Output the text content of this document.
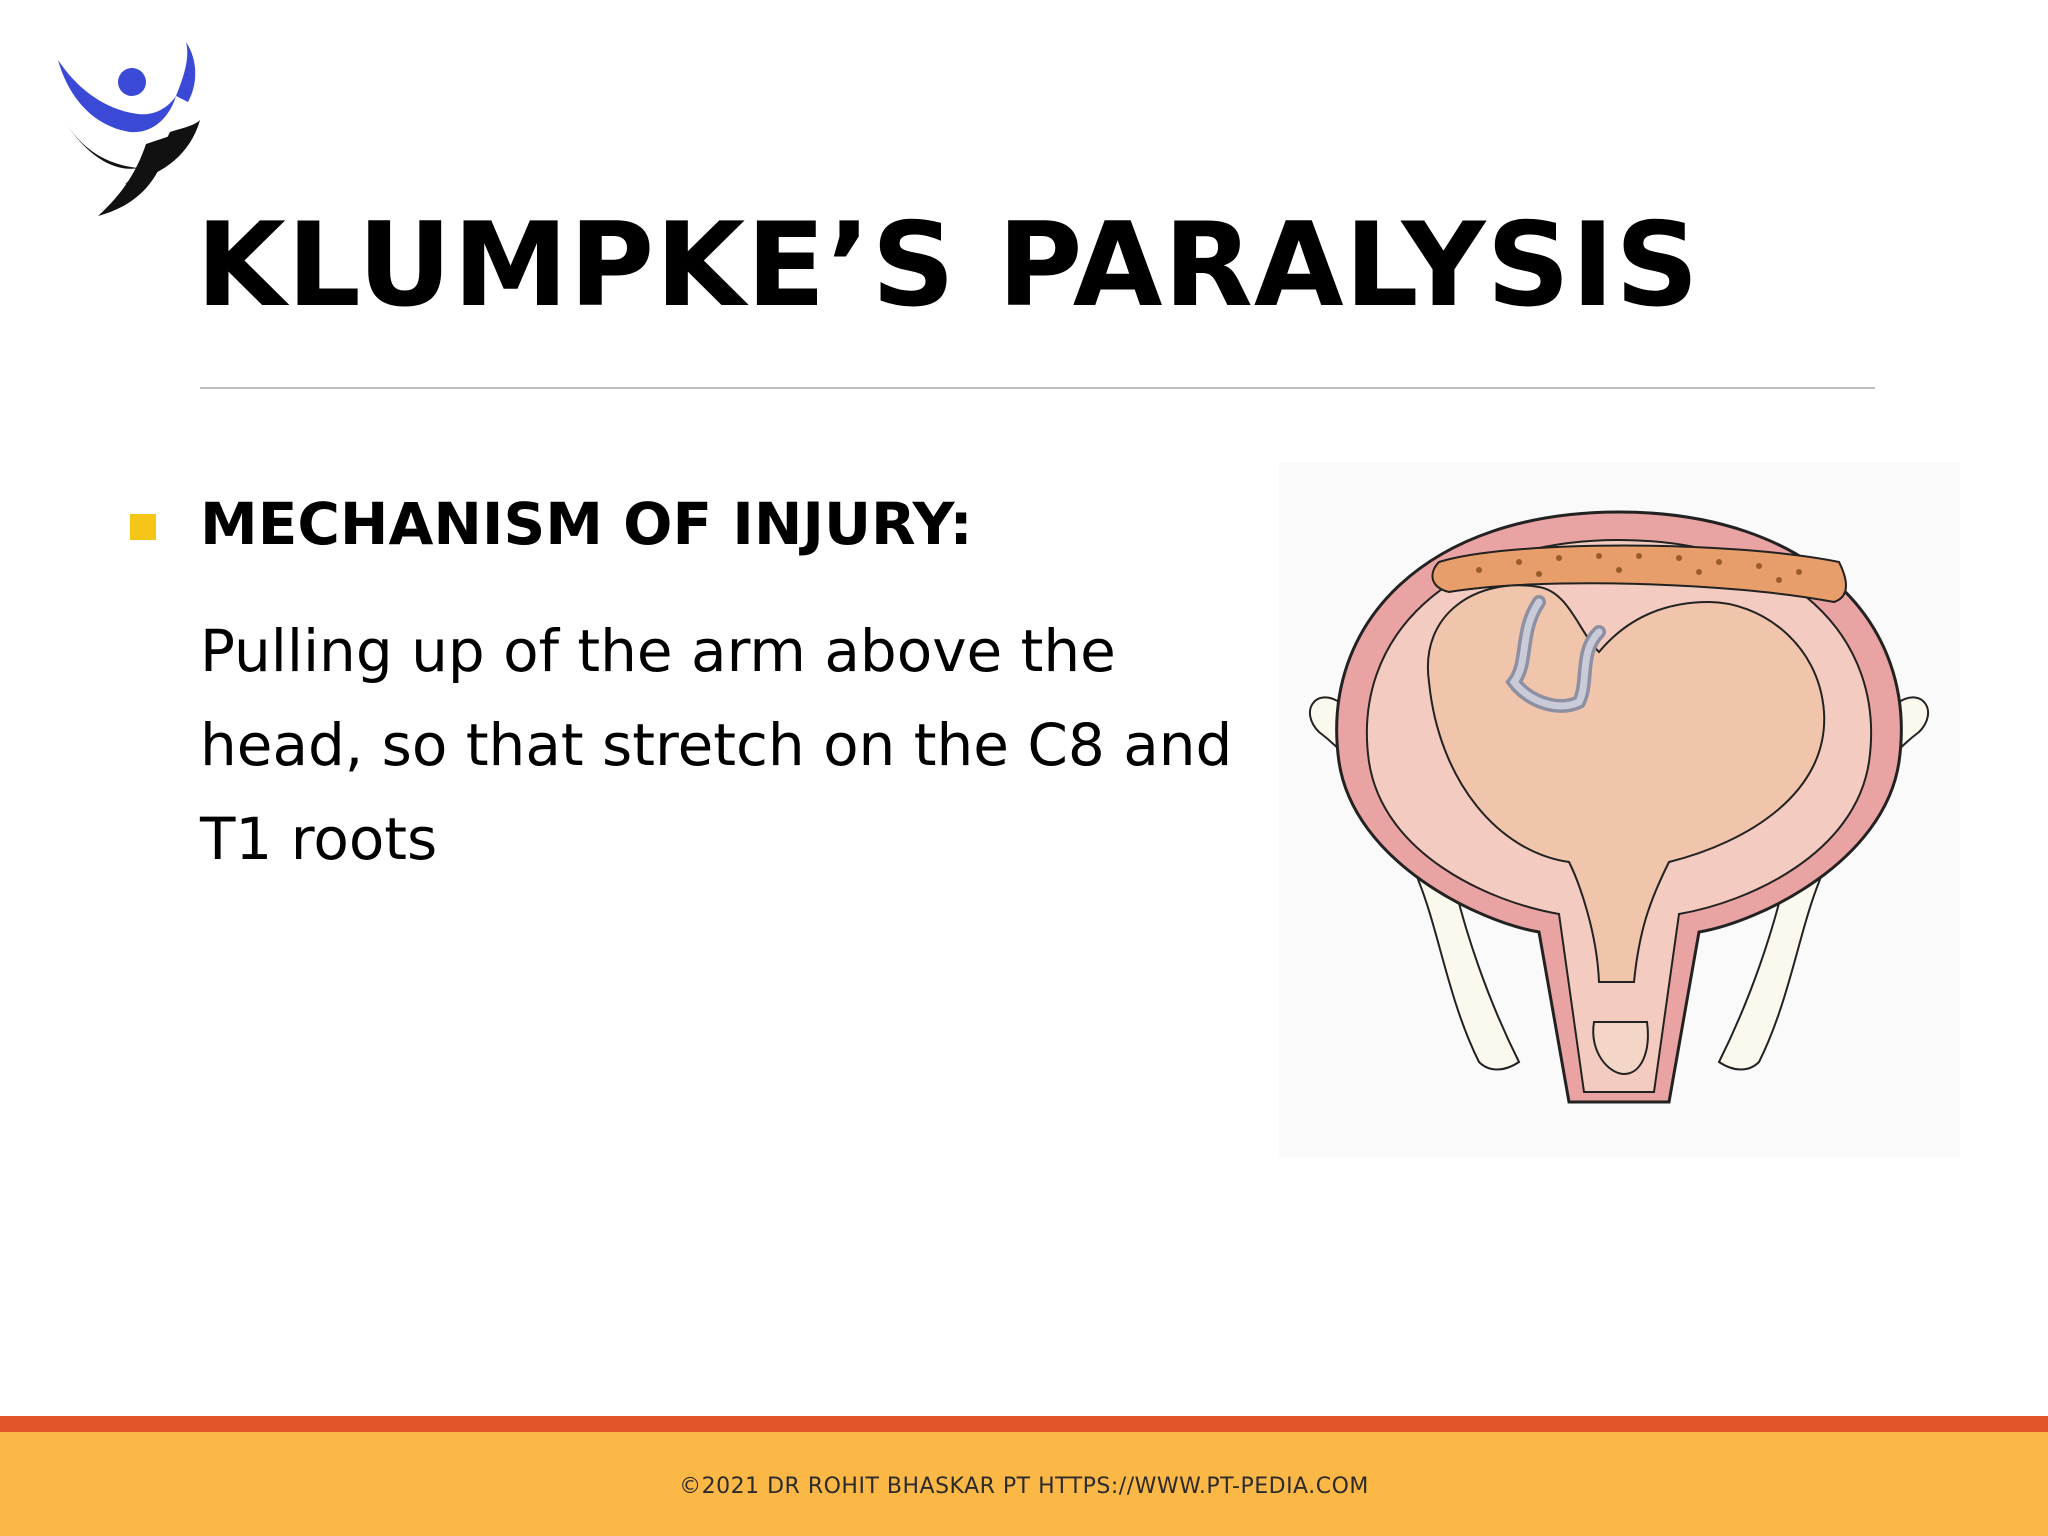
KLUMPKE’S PARALYSIS
MECHANISM OF INJURY:

Pulling up of the arm above the head, so that stretch on the C8 and T1 roots

©2021 DR ROHIT BHASKAR PT HTTPS://WWW.PT-PEDIA.COM
